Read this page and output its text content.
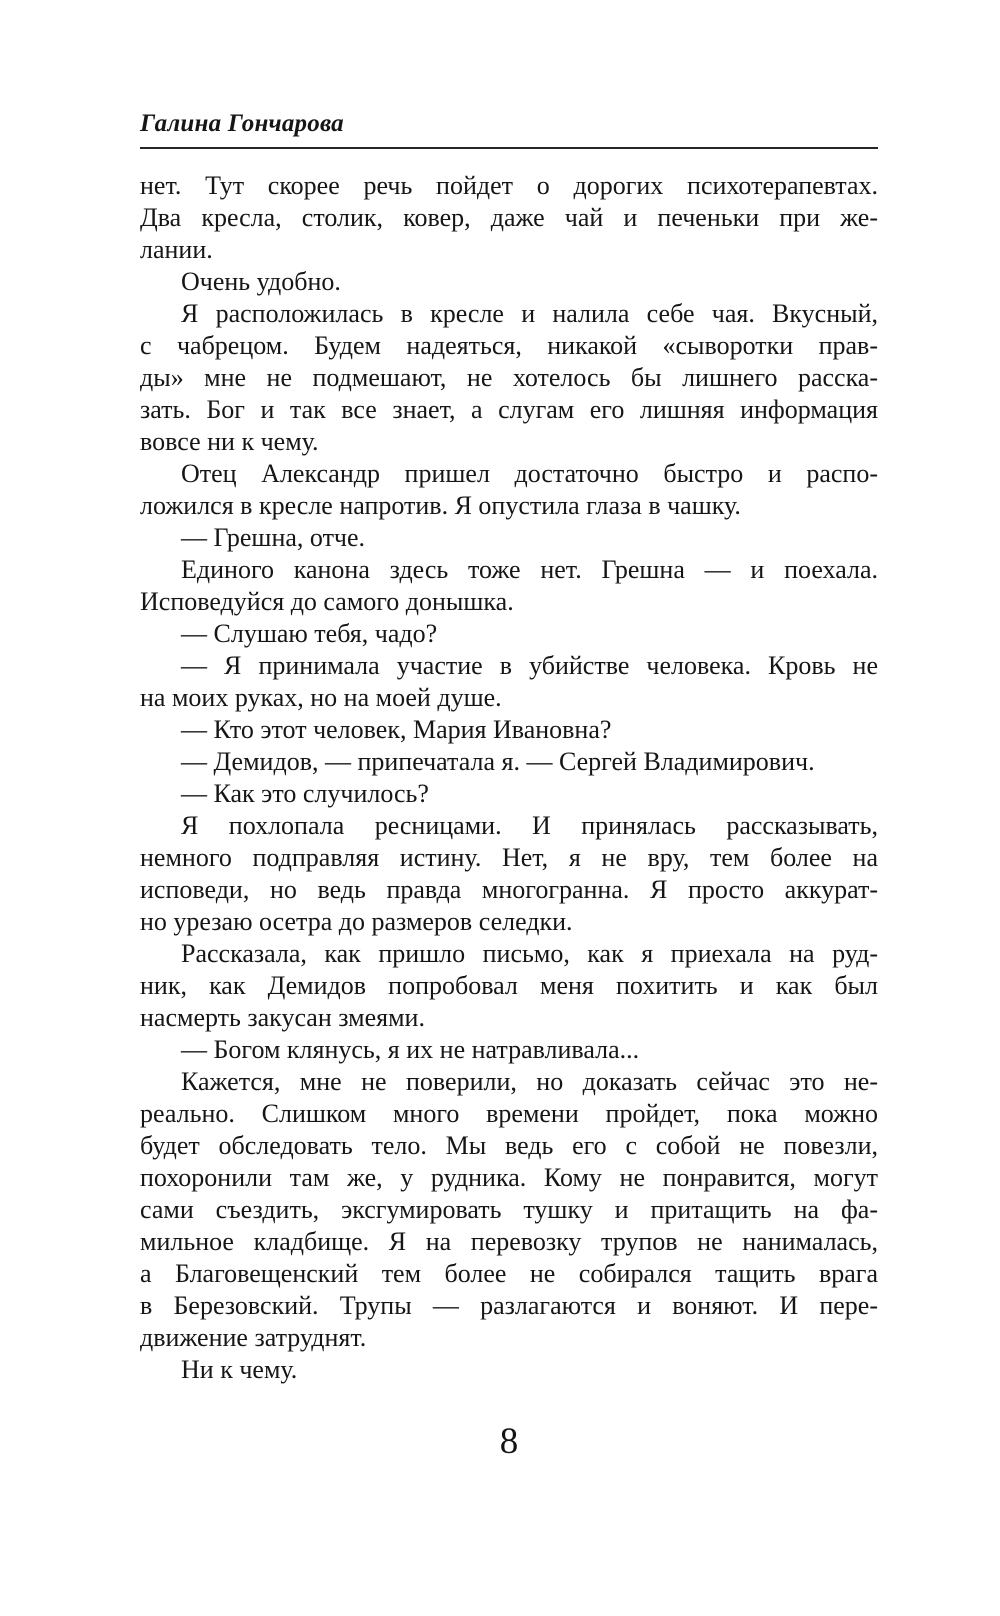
Галина Гончарова
нет. Тут скорее речь пойдет о дорогих психотерапевтах.
Два кресла, столик, ковер, даже чай и печеньки при же-
лании.
Очень удобно.
Я расположилась в кресле и налила себе чая. Вкусный,
с чабрецом. Будем надеяться, никакой «сыворотки прав-
ды» мне не подмешают, не хотелось бы лишнего расска-
зать. Бог и так все знает, а слугам его лишняя информация
вовсе ни к чему.
Отец Александр пришел достаточно быстро и распо-
ложился в кресле напротив. Я опустила глаза в чашку.
— Грешна, отче.
Единого канона здесь тоже нет. Грешна — и поехала.
Исповедуйся до самого донышка.
— Слушаю тебя, чадо?
— Я принимала участие в убийстве человека. Кровь не
на моих руках, но на моей душе.
— Кто этот человек, Мария Ивановна?
— Демидов, — припечатала я. — Сергей Владимирович.
— Как это случилось?
Я похлопала ресницами. И принялась рассказывать,
немного подправляя истину. Нет, я не вру, тем более на
исповеди, но ведь правда многогранна. Я просто аккурат-
но урезаю осетра до размеров селедки.
Рассказала, как пришло письмо, как я приехала на руд-
ник, как Демидов попробовал меня похитить и как был
насмерть закусан змеями.
— Богом клянусь, я их не натравливала...
Кажется, мне не поверили, но доказать сейчас это не-
реально. Слишком много времени пройдет, пока можно
будет обследовать тело. Мы ведь его с собой не повезли,
похоронили там же, у рудника. Кому не понравится, могут
сами съездить, эксгумировать тушку и притащить на фа-
мильное кладбище. Я на перевозку трупов не нанималась,
а Благовещенский тем более не собирался тащить врага
в Березовский. Трупы — разлагаются и воняют. И пере-
движение затруднят.
Ни к чему.
8
